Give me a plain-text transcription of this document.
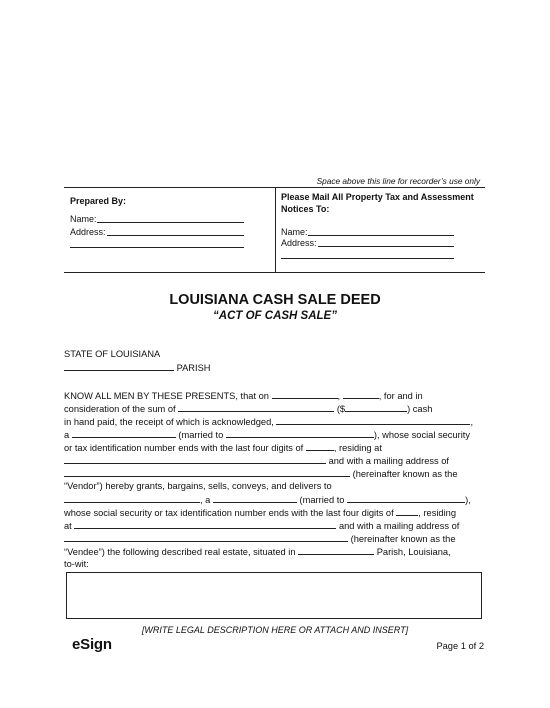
Space above this line for recorder’s use only
Prepared By:
Name:
Address:
Please Mail All Property Tax and Assessment
Notices To:
Name:
Address:
LOUISIANA CASH SALE DEED
“ACT OF CASH SALE”
STATE OF LOUISIANA
PARISH
KNOW ALL MEN BY THESE PRESENTS, that on	,	, for and in
consideration of the sum of	($	) cash
in hand paid, the receipt of which is acknowledged,	,
a	(married to	), whose social security
or tax identification number ends with the last four digits of	, residing at
and with a mailing address of
(hereinafter known as the
“Vendor”) hereby grants, bargains, sells, conveys, and delivers to
, a	(married to	),
whose social security or tax identification number ends with the last four digits of	, residing
at	and with a mailing address of
(hereinafter known as the
“Vendee”) the following described real estate, situated in	Parish, Louisiana,
to-wit:
[WRITE LEGAL DESCRIPTION HERE OR ATTACH AND INSERT]
eSign	Page 1 of 2
